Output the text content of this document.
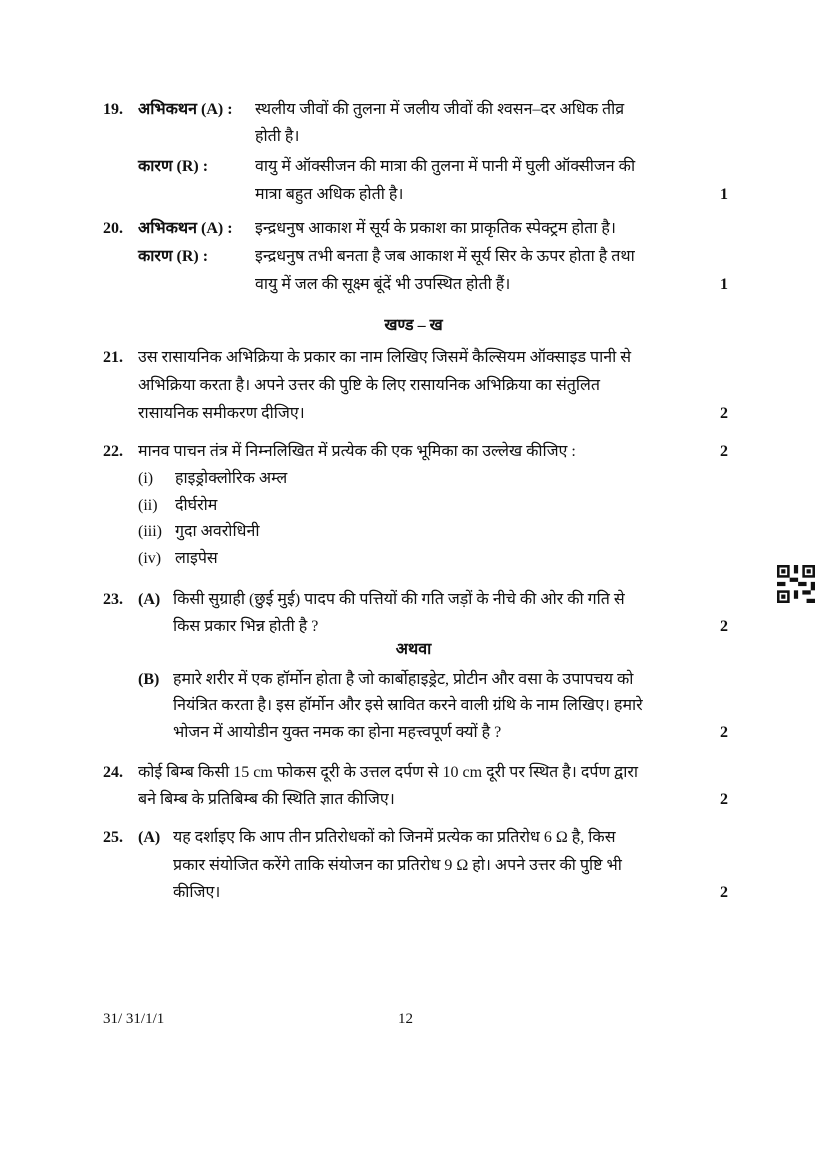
19. अभिकथन (A) : स्थलीय जीवों की तुलना में जलीय जीवों की श्वसन–दर अधिक तीव्र
होती है।
कारण (R) :	वायु में ऑक्सीजन की मात्रा की तुलना में पानी में घुली ऑक्सीजन की
मात्रा बहुत अधिक होती है।	1
20. अभिकथन (A) : इन्द्रधनुष आकाश में सूर्य के प्रकाश का प्राकृतिक स्पेक्ट्रम होता है।
कारण (R) :	इन्द्रधनुष तभी बनता है जब आकाश में सूर्य सिर के ऊपर होता है तथा
वायु में जल की सूक्ष्म बूंदें भी उपस्थित होती हैं।	1
खण्ड – ख
21. उस रासायनिक अभिक्रिया के प्रकार का नाम लिखिए जिसमें कैल्सियम ऑक्साइड पानी से
अभिक्रिया करता है। अपने उत्तर की पुष्टि के लिए रासायनिक अभिक्रिया का संतुलित
रासायनिक समीकरण दीजिए।	2
22. मानव पाचन तंत्र में निम्नलिखित में प्रत्येक की एक भूमिका का उल्लेख कीजिए :	2
(i) हाइड्रोक्लोरिक अम्ल
(ii) दीर्घरोम
(iii) गुदा अवरोधिनी
(iv) लाइपेस
23. (A) किसी सुग्राही (छुई मुई) पादप की पत्तियों की गति जड़ों के नीचे की ओर की गति से
किस प्रकार भिन्न होती है ?	2
अथवा
(B) हमारे शरीर में एक हॉर्मोन होता है जो कार्बोहाइड्रेट, प्रोटीन और वसा के उपापचय को
नियंत्रित करता है। इस हॉर्मोन और इसे स्रावित करने वाली ग्रंथि के नाम लिखिए। हमारे
भोजन में आयोडीन युक्त नमक का होना महत्त्वपूर्ण क्यों है ?	2
24. कोई बिम्ब किसी 15 cm फोकस दूरी के उत्तल दर्पण से 10 cm दूरी पर स्थित है। दर्पण द्वारा
बने बिम्ब के प्रतिबिम्ब की स्थिति ज्ञात कीजिए।	2
25. (A) यह दर्शाइए कि आप तीन प्रतिरोधकों को जिनमें प्रत्येक का प्रतिरोध 6 Ω है, किस
प्रकार संयोजित करेंगे ताकि संयोजन का प्रतिरोध 9 Ω हो। अपने उत्तर की पुष्टि भी
कीजिए।	2
31/ 31/1/1	12
